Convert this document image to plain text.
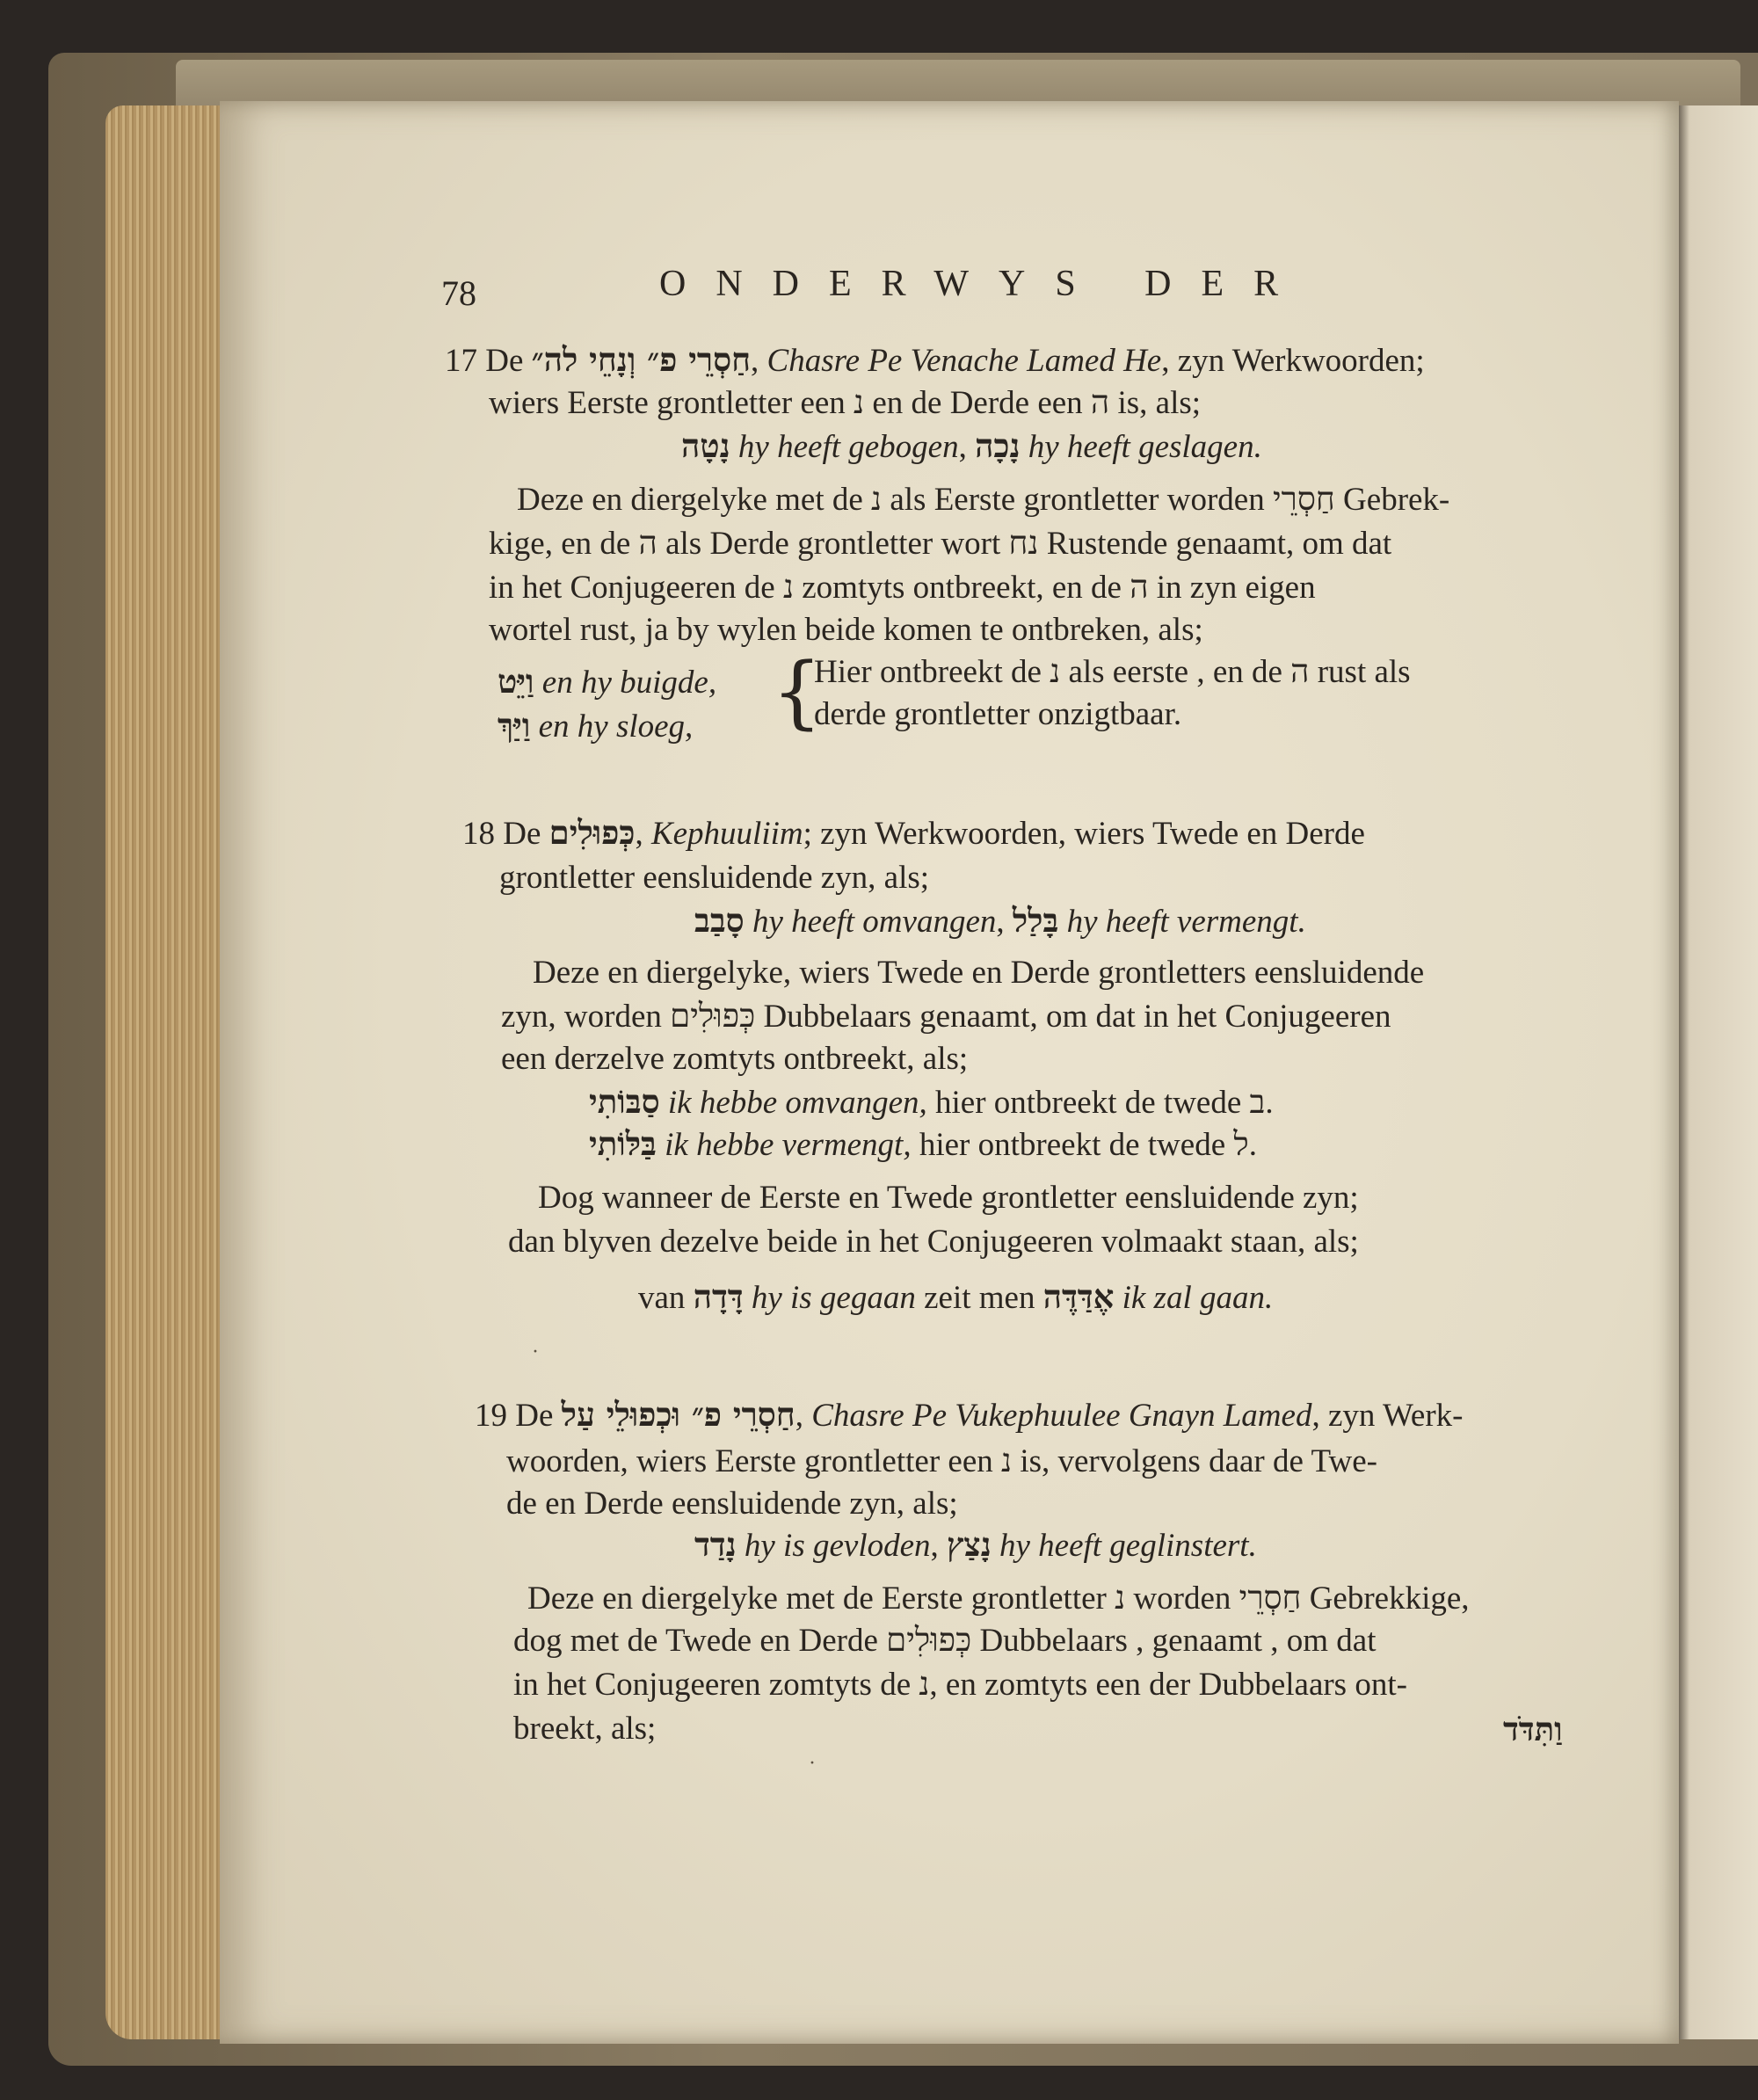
78	ONDERWYS DER
17 De חַסְרֵי פ״ וְנָחֵי לה״, Chasre Pe Venache Lamed He, zyn Werkwoorden;
wiers Eerste grontletter een נ en de Derde een ה is, als;
נָטָה hy heeft gebogen, נָכָה hy heeft geslagen.
Deze en diergelyke met de נ als Eerste grontletter worden חַסְרֵי Gebrek-
kige, en de ה als Derde grontletter wort נח Rustende genaamt, om dat
in het Conjugeeren de נ zomtyts ontbreekt, en de ה in zyn eigen
wortel rust, ja by wylen beide komen te ontbreken, als;
וַיֵּט en hy buigde,
וַיַּךְ en hy sloeg, {
Hier ontbreekt de נ als eerste , en de ה rust als
derde grontletter onzigtbaar.
18 De כְּפוּלִים, Kephuuliim; zyn Werkwoorden, wiers Twede en Derde
grontletter eensluidende zyn, als;
סָבַב hy heeft omvangen, בָּלַל hy heeft vermengt.
Deze en diergelyke, wiers Twede en Derde grontletters eensluidende
zyn, worden כְּפוּלִים Dubbelaars genaamt, om dat in het Conjugeeren
een derzelve zomtyts ontbreekt, als;
סַבּוֹתִי ik hebbe omvangen, hier ontbreekt de twede ב.
בַּלּוֹתִי ik hebbe vermengt, hier ontbreekt de twede ל.
Dog wanneer de Eerste en Twede grontletter eensluidende zyn;
dan blyven dezelve beide in het Conjugeeren volmaakt staan, als;
van דָּדָה hy is gegaan zeit men אֶדַּדֶּה ik zal gaan.
·
19 De חַסְרֵי פ״ וּכְפוּלֵי עַל, Chasre Pe Vukephuulee Gnayn Lamed, zyn Werk-
woorden, wiers Eerste grontletter een נ is, vervolgens daar de Twe-
de en Derde eensluidende zyn, als;
נָדַד hy is gevloden, נָצַץ hy heeft geglinstert.
Deze en diergelyke met de Eerste grontletter נ worden חַסְרֵי Gebrekkige,
dog met de Twede en Derde כְּפוּלִים Dubbelaars , genaamt , om dat
in het Conjugeeren zomtyts de נ, en zomtyts een der Dubbelaars ont-
breekt, als;	וַתִּדֹּד
·
